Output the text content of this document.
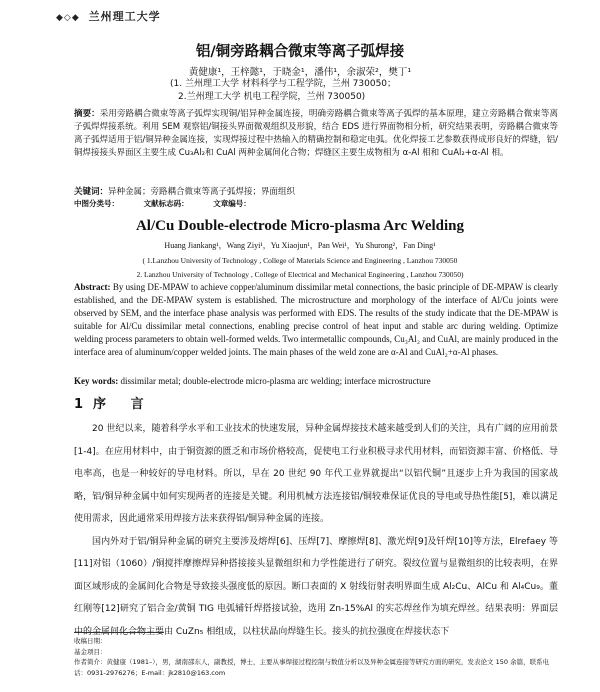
◆◇◆ 兰州理工大学
铝/铜旁路耦合微束等离子弧焊接
黄健康¹，王梓懿¹，于晓金¹，潘伟¹，余淑荣²，樊丁¹
(1. 兰州理工大学 材料科学与工程学院，兰州 730050；
2.兰州理工大学 机电工程学院，兰州 730050)
摘要：采用旁路耦合微束等离子弧焊实现铜/铝异种金属连接，明确旁路耦合微束等离子弧焊的基本原理，建立旁路耦合微束等离子弧焊焊接系统。利用 SEM 观察铝/铜接头界面微观组织及形貌，结合 EDS 进行界面物相分析，研究结果表明，旁路耦合微束等离子弧焊适用于铝/铜异种金属连接，实现焊接过程中热输入的精确控制和稳定电弧。优化焊接工艺参数获得成形良好的焊缝，铝/铜焊接接头界面区主要生成 Cu₃Al₂和 CuAl 两种金属间化合物；焊缝区主要生成物相为 α-Al 相和 CuAl₂+α-Al 相。
关键词：异种金属；旁路耦合微束等离子弧焊接；界面组织
中图分类号：	文献标志码：	文章编号：
Al/Cu Double-electrode Micro-plasma Arc Welding
Huang Jiankang¹，Wang Ziyi¹，Yu Xiaojun¹，Pan Wei¹，Yu Shurong²，Fan Ding¹
( 1.Lanzhou University of Technology , College of Materials Science and Engineering , Lanzhou 730050
2. Lanzhou University of Technology , College of Electrical and Mechanical Engineering , Lanzhou 730050)
Abstract: By using DE-MPAW to achieve copper/aluminum dissimilar metal connections, the basic principle of DE-MPAW is clearly established, and the DE-MPAW system is established. The microstructure and morphology of the interface of Al/Cu joints were observed by SEM, and the interface phase analysis was performed with EDS. The results of the study indicate that the DE-MPAW is suitable for Al/Cu dissimilar metal connections, enabling precise control of heat input and stable arc during welding. Optimize welding process parameters to obtain well-formed welds. Two intermetallic compounds, Cu₃Al₂ and CuAl, are mainly produced in the interface area of aluminum/copper welded joints. The main phases of the weld zone are α-Al and CuAl₂+α-Al phases.
Key words: dissimilar metal; double-electrode micro-plasma arc welding; interface microstructure
1序 言

20 世纪以来，随着科学水平和工业技术的快速发展，异种金属焊接技术越来越受到人们的关注，具有广阔的应用前景[1-4]。在应用材料中，由于铜资源的匮乏和市场价格较高，促使电工行业积极寻求代用材料，而铝资源丰富、价格低、导电率高，也是一种较好的导电材料。所以，早在 20 世纪 90 年代工业界就提出“以铝代铜”且逐步上升为我国的国家战略，铝/铜异种金属中如何实现两者的连接是关键。利用机械方法连接铝/铜较难保证优良的导电或导热性能[5]，难以满足使用需求，因此通常采用焊接方法来获得铝/铜异种金属的连接。

国内外对于铝/铜异种金属的研究主要涉及熔焊[6]、压焊[7]、摩擦焊[8]、激光焊[9]及钎焊[10]等方法，Elrefaey 等[11]对铝（1060）/铜搅拌摩擦焊异种搭接接头显微组织和力学性能进行了研究。裂纹位置与显微组织的比较表明，在界面区域形成的金属间化合物是导致接头强度低的原因。断口表面的 X 射线衍射表明界面生成 Al₂Cu、AlCu 和 Al₄Cu₉。董红刚等[12]研究了铝合金/黄铜 TIG 电弧辅钎焊搭接试验，选用 Zn-15%Al 的实芯焊丝作为填充焊丝。结果表明：界面层中的金属间化合物主要由 CuZn₅ 相组成，以柱状晶向焊缝生长。接头的抗拉强度在焊接状态下

收稿日期：
基金项目：
作者简介：黄健康（1981–），男，湖南邵东人，副教授，博士，主要从事焊接过程控制与数值分析以及异种金属连接等研究方面的研究，发表论文 150 余篇，联系电话：0931-2976276；E-mail：jk2810@163.com
